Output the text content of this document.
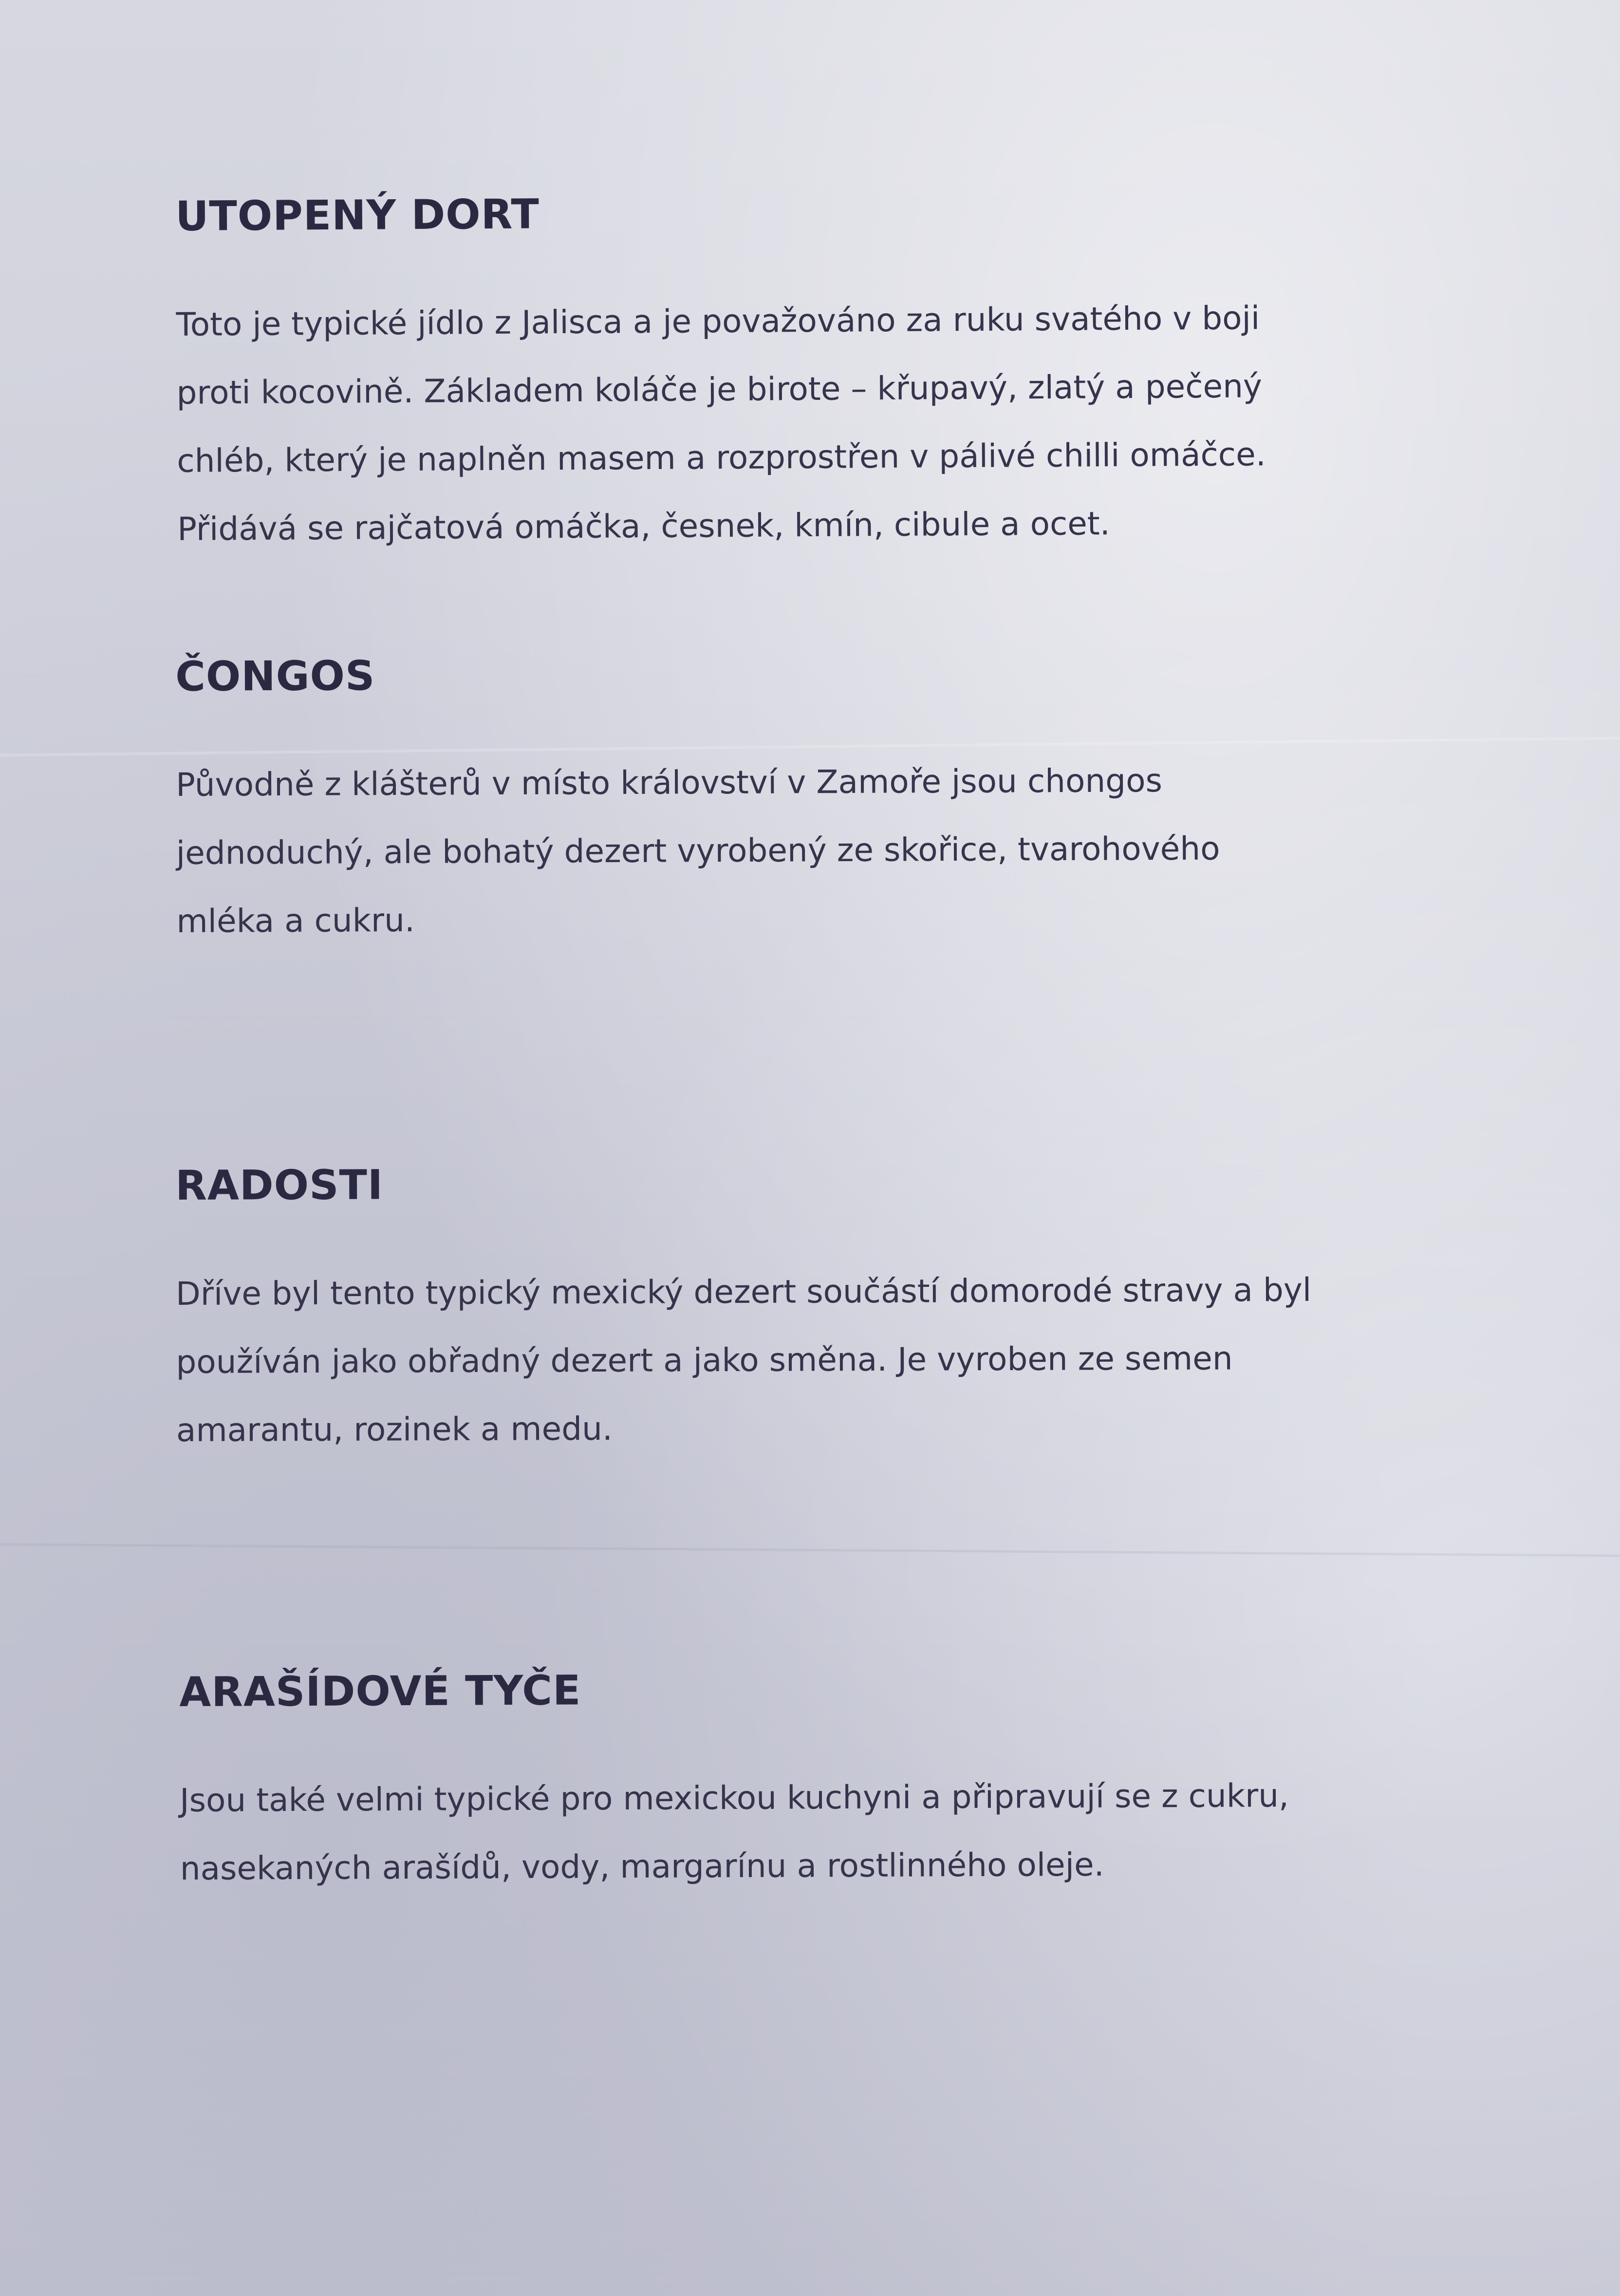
UTOPENÝ DORT

Toto je typické jídlo z Jalisca a je považováno za ruku svatého v boji
proti kocovině. Základem koláče je birote – křupavý, zlatý a pečený
chléb, který je naplněn masem a rozprostřen v pálivé chilli omáčce.
Přidává se rajčatová omáčka, česnek, kmín, cibule a ocet.

ČONGOS

Původně z klášterů v místo království v Zamoře jsou chongos
jednoduchý, ale bohatý dezert vyrobený ze skořice, tvarohového
mléka a cukru.

RADOSTI

Dříve byl tento typický mexický dezert součástí domorodé stravy a byl
používán jako obřadný dezert a jako směna. Je vyroben ze semen
amarantu, rozinek a medu.

ARAŠÍDOVÉ TYČE

Jsou také velmi typické pro mexickou kuchyni a připravují se z cukru,
nasekaných arašídů, vody, margarínu a rostlinného oleje.
